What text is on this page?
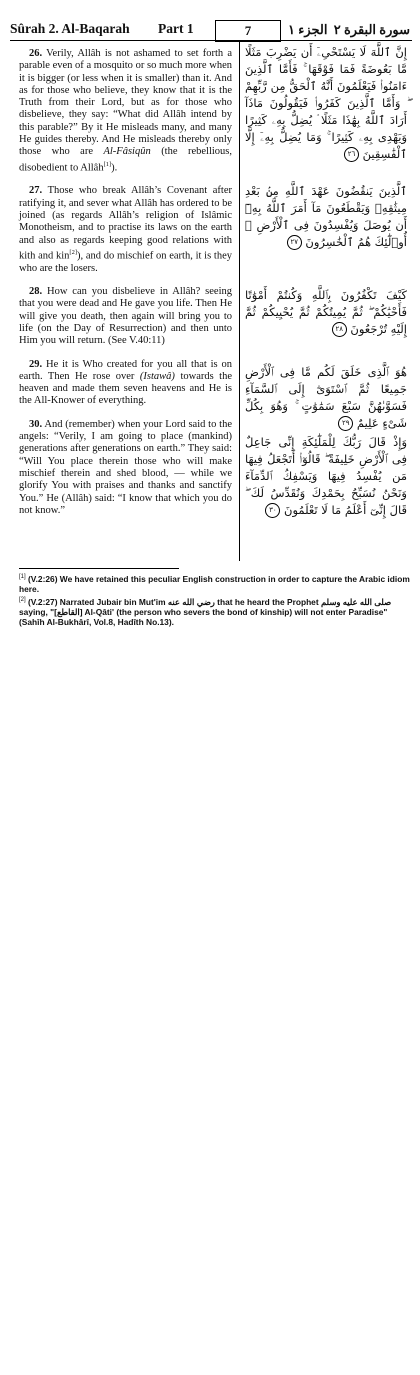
Sûrah 2. Al-Baqarah Part 1	7	الجزء ١ سورة البقرة ٢

26. Verily, Allâh is not ashamed to set forth a parable even of a mosquito or so much more when it is bigger (or less when it is smaller) than it. And as for those who believe, they know that it is the Truth from their Lord, but as for those who disbelieve, they say: “What did Allâh intend by this parable?” By it He misleads many, and many He guides thereby. And He misleads thereby only those who are Al-Fâsiqûn (the rebellious, disobedient to Allâh[1]).

27. Those who break Allâh’s Covenant after ratifying it, and sever what Allâh has ordered to be joined (as regards Allâh’s religion of Islâmic Monotheism, and to practise its laws on the earth and also as regards keeping good relations with kith and kin[2]), and do mischief on earth, it is they who are the losers.

28. How can you disbelieve in Allâh? seeing that you were dead and He gave you life. Then He will give you death, then again will bring you to life (on the Day of Resurrection) and then unto Him you will return. (See V.40:11)

29. He it is Who created for you all that is on earth. Then He rose over (Istawâ) towards the heaven and made them seven heavens and He is the All-Knower of everything.

30. And (remember) when your Lord said to the angels: “Verily, I am going to place (mankind) generations after generations on earth.” They said: “Will You place therein those who will make mischief therein and shed blood, — while we glorify You with praises and thanks and sanctify You.” He (Allâh) said: “I know that which you do not know.”

إِنَّ ٱللَّهَ لَا يَسْتَحْىِۦٓ أَن يَضْرِبَ مَثَلًا مَّا بَعُوضَةً فَمَا فَوْقَهَا ۚ فَأَمَّا ٱلَّذِينَ ءَامَنُوا۟ فَيَعْلَمُونَ أَنَّهُ ٱلْحَقُّ مِن رَّبِّهِمْ ۖ وَأَمَّا ٱلَّذِينَ كَفَرُوا۟ فَيَقُولُونَ مَاذَآ أَرَادَ ٱللَّهُ بِهَٰذَا مَثَلًا ۘ يُضِلُّ بِهِۦ كَثِيرًا وَيَهْدِى بِهِۦ كَثِيرًا ۚ وَمَا يُضِلُّ بِهِۦٓ إِلَّا ٱلْفَٰسِقِينَ ٢٦

ٱلَّذِينَ يَنقُضُونَ عَهْدَ ٱللَّهِ مِنۢ بَعْدِ مِيثَٰقِهِۦ وَيَقْطَعُونَ مَآ أَمَرَ ٱللَّهُ بِهِۦٓ أَن يُوصَلَ وَيُفْسِدُونَ فِى ٱلْأَرْضِ ۚ أُو۟لَٰٓئِكَ هُمُ ٱلْخَٰسِرُونَ ٢٧

كَيْفَ تَكْفُرُونَ بِٱللَّهِ وَكُنتُمْ أَمْوَٰتًا فَأَحْيَٰكُمْ ۖ ثُمَّ يُمِيتُكُمْ ثُمَّ يُحْيِيكُمْ ثُمَّ إِلَيْهِ تُرْجَعُونَ ٢٨

هُوَ ٱلَّذِى خَلَقَ لَكُم مَّا فِى ٱلْأَرْضِ جَمِيعًا ثُمَّ ٱسْتَوَىٰٓ إِلَى ٱلسَّمَآءِ فَسَوَّىٰهُنَّ سَبْعَ سَمَٰوَٰتٍ ۚ وَهُوَ بِكُلِّ شَىْءٍ عَلِيمٌ ٢٩

وَإِذْ قَالَ رَبُّكَ لِلْمَلَٰٓئِكَةِ إِنِّى جَاعِلٌ فِى ٱلْأَرْضِ خَلِيفَةً ۖ قَالُوٓا۟ أَتَجْعَلُ فِيهَا مَن يُفْسِدُ فِيهَا وَيَسْفِكُ ٱلدِّمَآءَ وَنَحْنُ نُسَبِّحُ بِحَمْدِكَ وَنُقَدِّسُ لَكَ ۖ قَالَ إِنِّىٓ أَعْلَمُ مَا لَا تَعْلَمُونَ ٣٠

[1] (V.2:26) We have retained this peculiar English construction in order to capture the Arabic idiom here.

[2] (V.2:27) Narrated Jubair bin Mut'im رضي الله عنه that he heard the Prophet صلى الله عليه وسلم saying, "[القاطع] Al-Qâti' (the person who severs the bond of kinship) will not enter Paradise" (Sahîh Al-Bukhârî, Vol.8, Hadîth No.13).
